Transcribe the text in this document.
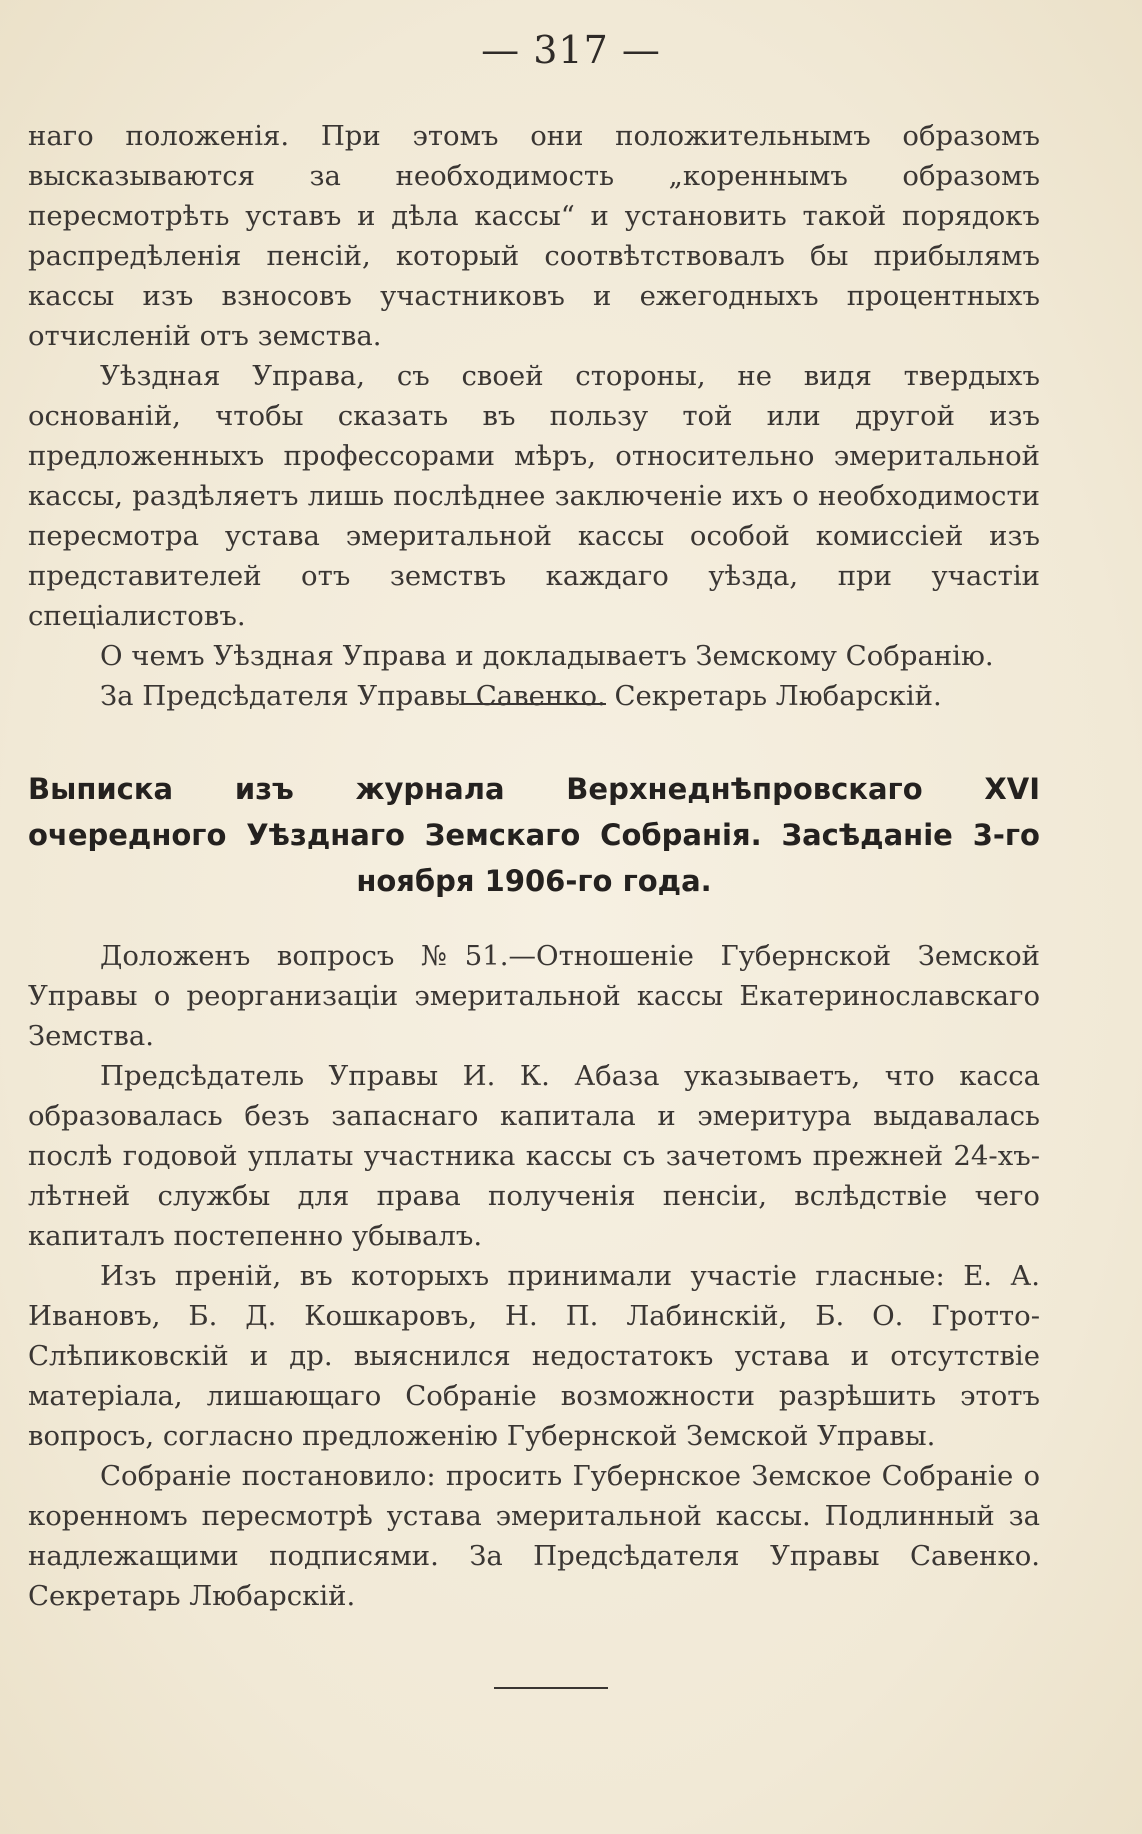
— 317 —

наго положенія. При этомъ они положительнымъ образомъ высказываются за необходимость „кореннымъ образомъ пересмотрѣть уставъ и дѣла кассы“ и установить такой порядокъ распредѣленія пенсій, который соотвѣтствовалъ бы прибылямъ кассы изъ взносовъ участниковъ и ежегодныхъ процентныхъ отчисленій отъ земства.

Уѣздная Управа, съ своей стороны, не видя твердыхъ основаній, чтобы сказать въ пользу той или другой изъ предложенныхъ профессорами мѣръ, относительно эмеритальной кассы, раздѣляетъ лишь послѣднее заключеніе ихъ о необходимости пересмотра устава эмеритальной кассы особой комиссіей изъ представителей отъ земствъ каждаго уѣзда, при участіи спеціалистовъ.

О чемъ Уѣздная Управа и докладываетъ Земскому Собранію.

За Предсѣдателя Управы Савенко. Секретарь Любарскій.

Выписка изъ журнала Верхнеднѣпровскаго XVI очередного Уѣзднаго Земскаго Собранія. Засѣданіе 3-го ноября 1906-го года.

Доложенъ вопросъ №51.—Отношеніе Губернской Земской Управы о реорганизаціи эмеритальной кассы Екатеринославскаго Земства.

Предсѣдатель Управы И. К. Абаза указываетъ, что касса образовалась безъ запаснаго капитала и эмеритура выдавалась послѣ годовой уплаты участника кассы съ зачетомъ прежней 24-хъ-лѣтней службы для права полученія пенсіи, вслѣдствіе чего капиталъ постепенно убывалъ.

Изъ преній, въ которыхъ принимали участіе гласные: Е. А. Ивановъ, Б. Д. Кошкаровъ, Н. П. Лабинскій, Б. О. Гротто-Слѣпиковскій и др. выяснился недостатокъ устава и отсутствіе матеріала, лишающаго Собраніе возможности разрѣшить этотъ вопросъ, согласно предложенію Губернской Земской Управы.

Собраніе постановило: просить Губернское Земское Собраніе о коренномъ пересмотрѣ устава эмеритальной кассы. Подлинный за надлежащими подписями. За Предсѣдателя Управы Савенко. Секретарь Любарскій.
